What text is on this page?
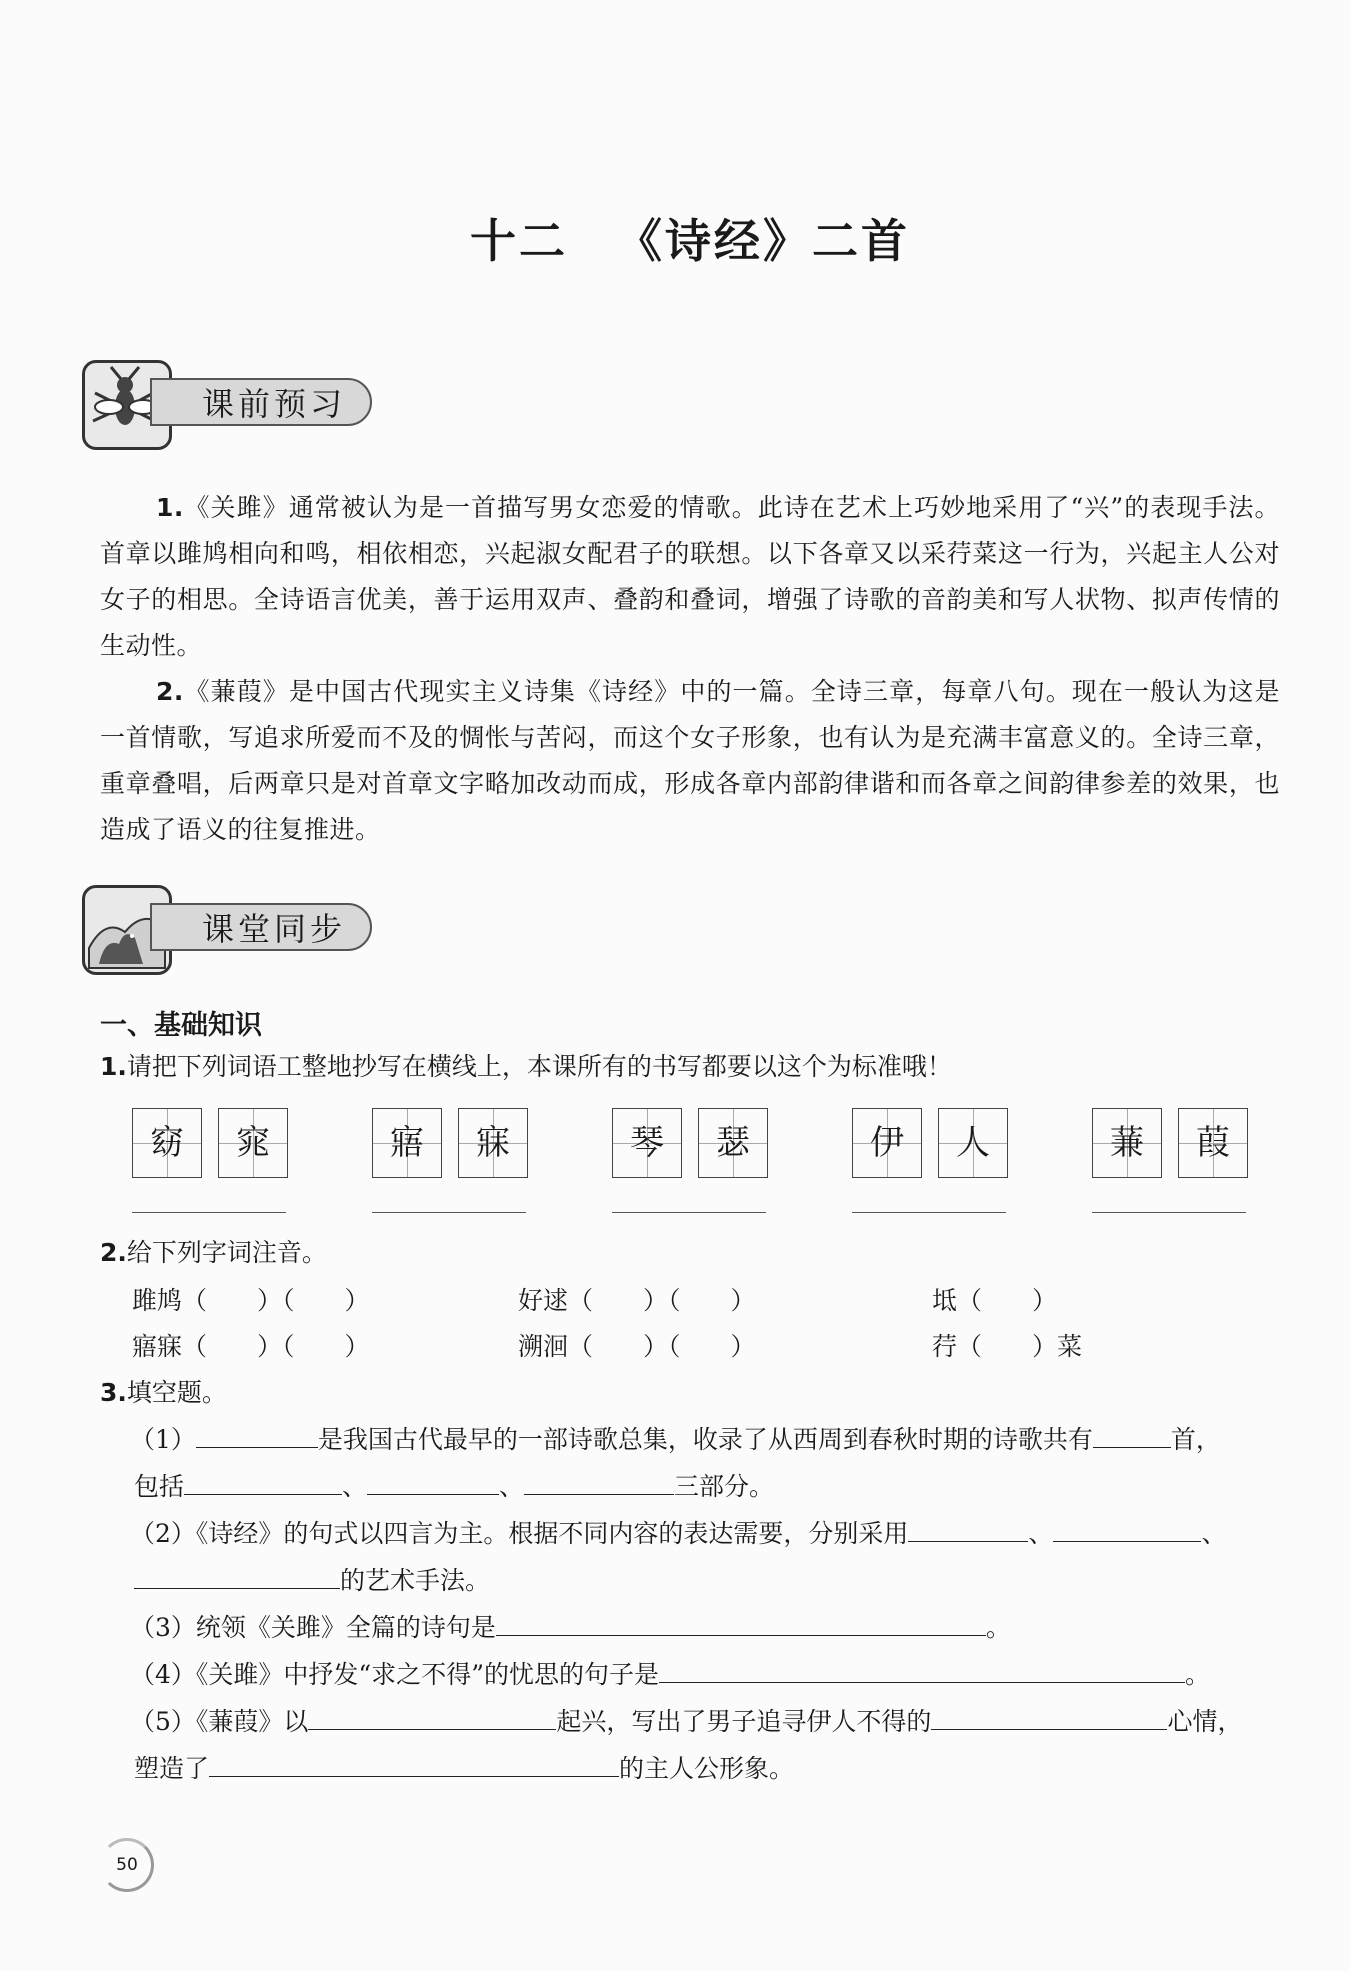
十二 《诗经》二首
课前预习

1.《关雎》通常被认为是一首描写男女恋爱的情歌。此诗在艺术上巧妙地采用了“兴”的表现手法。首章以雎鸠相向和鸣，相依相恋，兴起淑女配君子的联想。以下各章又以采荇菜这一行为，兴起主人公对女子的相思。全诗语言优美，善于运用双声、叠韵和叠词，增强了诗歌的音韵美和写人状物、拟声传情的生动性。

2.《蒹葭》是中国古代现实主义诗集《诗经》中的一篇。全诗三章，每章八句。现在一般认为这是一首情歌，写追求所爱而不及的惆怅与苦闷，而这个女子形象，也有认为是充满丰富意义的。全诗三章，重章叠唱，后两章只是对首章文字略加改动而成，形成各章内部韵律谐和而各章之间韵律参差的效果，也造成了语义的往复推进。

课堂同步
一、基础知识
1.请把下列词语工整地抄写在横线上，本课所有的书写都要以这个为标准哦！
窈	窕	寤	寐	琴	瑟	伊	人	蒹	葭
2.给下列字词注音。
雎鸠（　　）（　　）	好逑（　　）（　　）	坻（　　）
寤寐（　　）（　　）	溯洄（　　）（　　）	荇（　　）菜
3.填空题。
（1）	是我国古代最早的一部诗歌总集，收录了从西周到春秋时期的诗歌共有	首，
包括	、	、	三部分。
（2）《诗经》的句式以四言为主。根据不同内容的表达需要，分别采用	、	、
的艺术手法。
（3）统领《关雎》全篇的诗句是	。
（4）《关雎》中抒发“求之不得”的忧思的句子是	。
（5）《蒹葭》以	起兴，写出了男子追寻伊人不得的	心情，
塑造了	的主人公形象。
50
